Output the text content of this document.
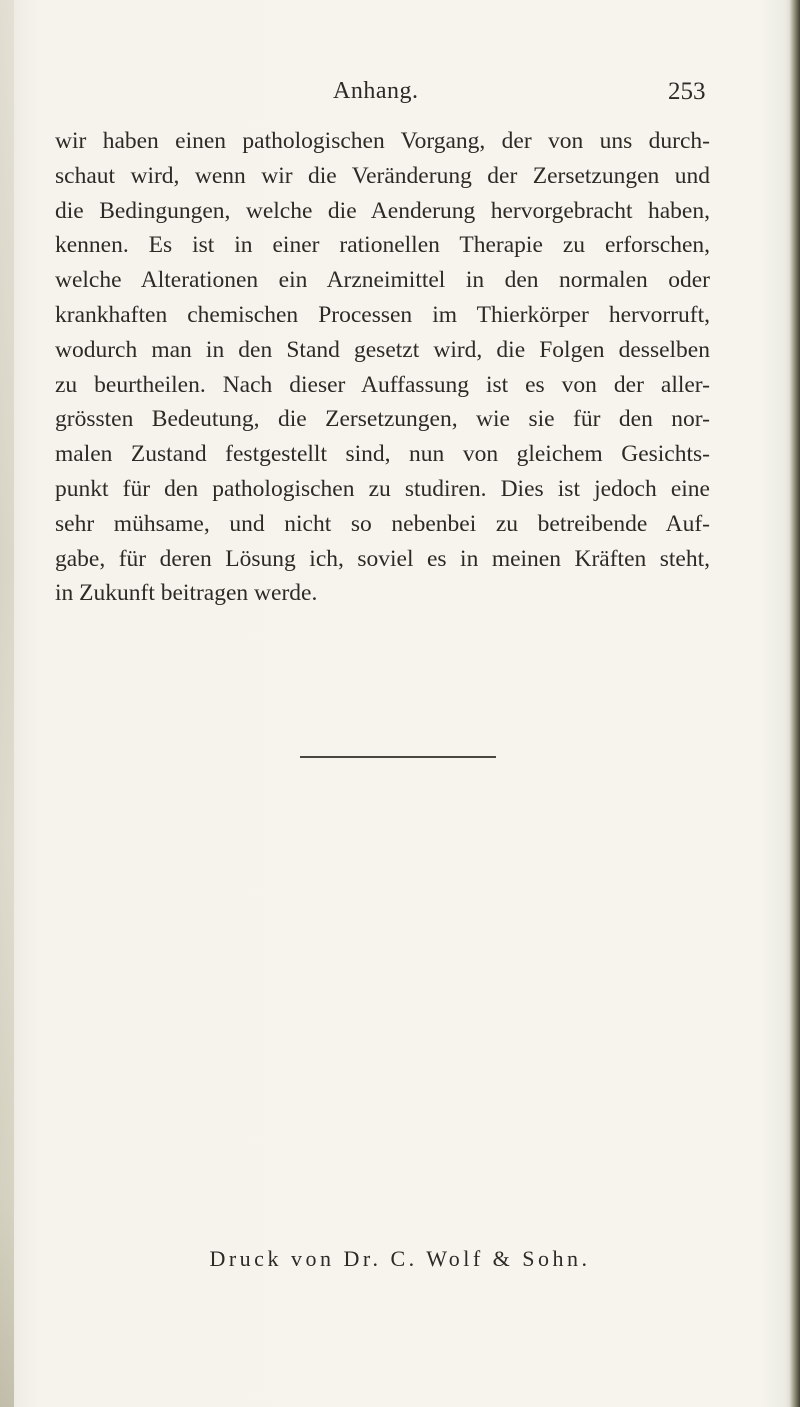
Anhang.	253

wir haben einen pathologischen Vorgang, der von uns durch-
schaut wird, wenn wir die Veränderung der Zersetzungen und
die Bedingungen, welche die Aenderung hervorgebracht haben,
kennen. Es ist in einer rationellen Therapie zu erforschen,
welche Alterationen ein Arzneimittel in den normalen oder
krankhaften chemischen Processen im Thierkörper hervorruft,
wodurch man in den Stand gesetzt wird, die Folgen desselben
zu beurtheilen. Nach dieser Auffassung ist es von der aller-
grössten Bedeutung, die Zersetzungen, wie sie für den nor-
malen Zustand festgestellt sind, nun von gleichem Gesichts-
punkt für den pathologischen zu studiren. Dies ist jedoch eine
sehr mühsame, und nicht so nebenbei zu betreibende Auf-
gabe, für deren Lösung ich, soviel es in meinen Kräften steht,
in Zukunft beitragen werde.

Druck von Dr. C. Wolf & Sohn.
